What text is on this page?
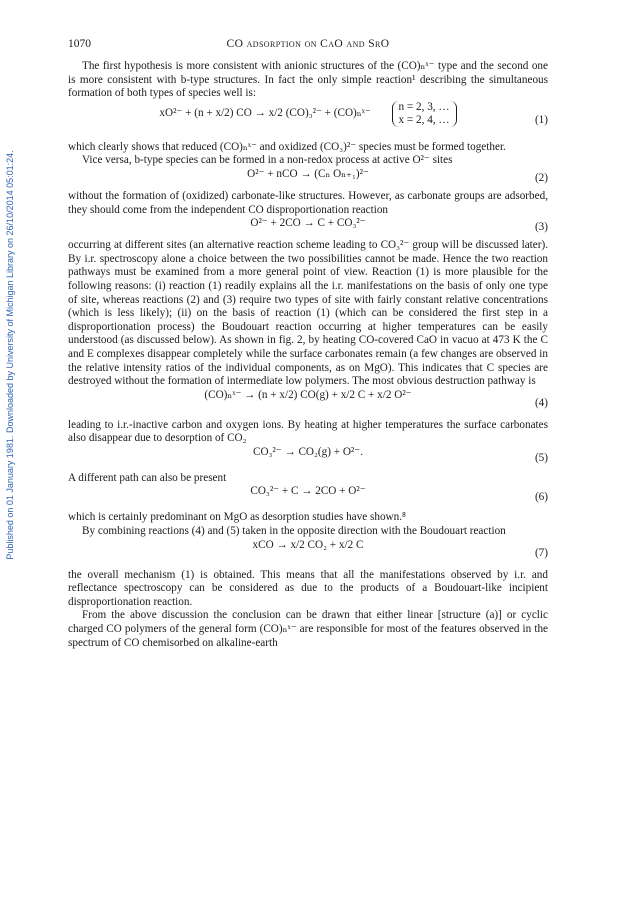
Published on 01 January 1981. Downloaded by University of Michigan Library on 26/10/2014 05:01:24.
1070	CO adsorption on CaO and SrO

The first hypothesis is more consistent with anionic structures of the (CO)ₙˣ⁻ type and the second one is more consistent with b-type structures. In fact the only simple reaction¹ describing the simultaneous formation of both types of species well is:

xO²⁻ + (n + x/2) CO → x/2 (CO)₃²⁻ + (CO)ₙˣ⁻ n = 2, 3, …
x = 2, 4, …	(1)

which clearly shows that reduced (CO)ₙˣ⁻ and oxidized (CO₃)²⁻ species must be formed together.

Vice versa, b-type species can be formed in a non-redox process at active O²⁻ sites

O²⁻ + nCO → (Cₙ Oₙ₊₁)²⁻	(2)

without the formation of (oxidized) carbonate-like structures. However, as carbonate groups are adsorbed, they should come from the independent CO disproportionation reaction

O²⁻ + 2CO → C + CO₃²⁻	(3)

occurring at different sites (an alternative reaction scheme leading to CO₃²⁻ group will be discussed later). By i.r. spectroscopy alone a choice between the two possibilities cannot be made. Hence the two reaction pathways must be examined from a more general point of view. Reaction (1) is more plausible for the following reasons: (i) reaction (1) readily explains all the i.r. manifestations on the basis of only one type of site, whereas reactions (2) and (3) require two types of site with fairly constant relative concentrations (which is less likely); (ii) on the basis of reaction (1) (which can be considered the first step in a disproportionation process) the Boudouart reaction occurring at higher temperatures can be easily understood (as discussed below). As shown in fig. 2, by heating CO-covered CaO in vacuo at 473 K the C and E complexes disappear completely while the surface carbonates remain (a few changes are observed in the relative intensity ratios of the individual components, as on MgO). This indicates that C species are destroyed without the formation of intermediate low polymers. The most obvious destruction pathway is

(CO)ₙˣ⁻ → (n + x/2) CO(g) + x/2 C + x/2 O²⁻
(4)

leading to i.r.-inactive carbon and oxygen ions. By heating at higher temperatures the surface carbonates also disappear due to desorption of CO₂

CO₃²⁻ → CO₂(g) + O²⁻.
(5)

A different path can also be present

CO₃²⁻ + C → 2CO + O²⁻
(6)

which is certainly predominant on MgO as desorption studies have shown.⁸

By combining reactions (4) and (5) taken in the opposite direction with the Boudouart reaction

xCO → x/2 CO₂ + x/2 C
(7)

the overall mechanism (1) is obtained. This means that all the manifestations observed by i.r. and reflectance spectroscopy can be considered as due to the products of a Boudouart-like incipient disproportionation reaction.

From the above discussion the conclusion can be drawn that either linear [structure (a)] or cyclic charged CO polymers of the general form (CO)ₙˣ⁻ are responsible for most of the features observed in the spectrum of CO chemisorbed on alkaline-earth
